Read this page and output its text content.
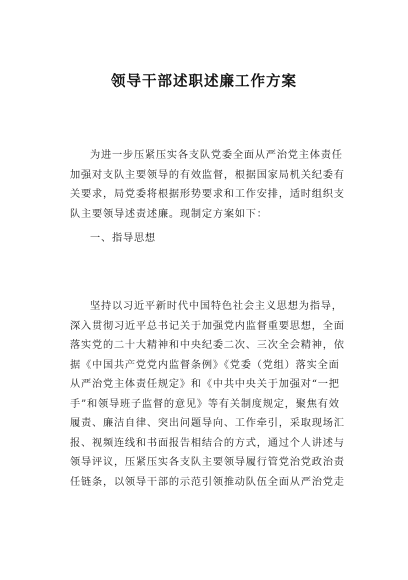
领导干部述职述廉工作方案
为进一步压紧压实各支队党委全面从严治党主体责任
加强对支队主要领导的有效监督，根据国家局机关纪委有
关要求，局党委将根据形势要求和工作安排，适时组织支
队主要领导述责述廉。现制定方案如下：
一、指导思想
坚持以习近平新时代中国特色社会主义思想为指导，
深入贯彻习近平总书记关于加强党内监督重要思想，全面
落实党的二十大精神和中央纪委二次、三次全会精神，依
据《中国共产党党内监督条例》《党委（党组）落实全面
从严治党主体责任规定》和《中共中央关于加强对“一把
手”和领导班子监督的意见》等有关制度规定，聚焦有效
履责、廉洁自律、突出问题导向、工作牵引，采取现场汇
报、视频连线和书面报告相结合的方式，通过个人讲述与
领导评议，压紧压实各支队主要领导履行管党治党政治责
任链条，以领导干部的示范引领推动队伍全面从严治党走
